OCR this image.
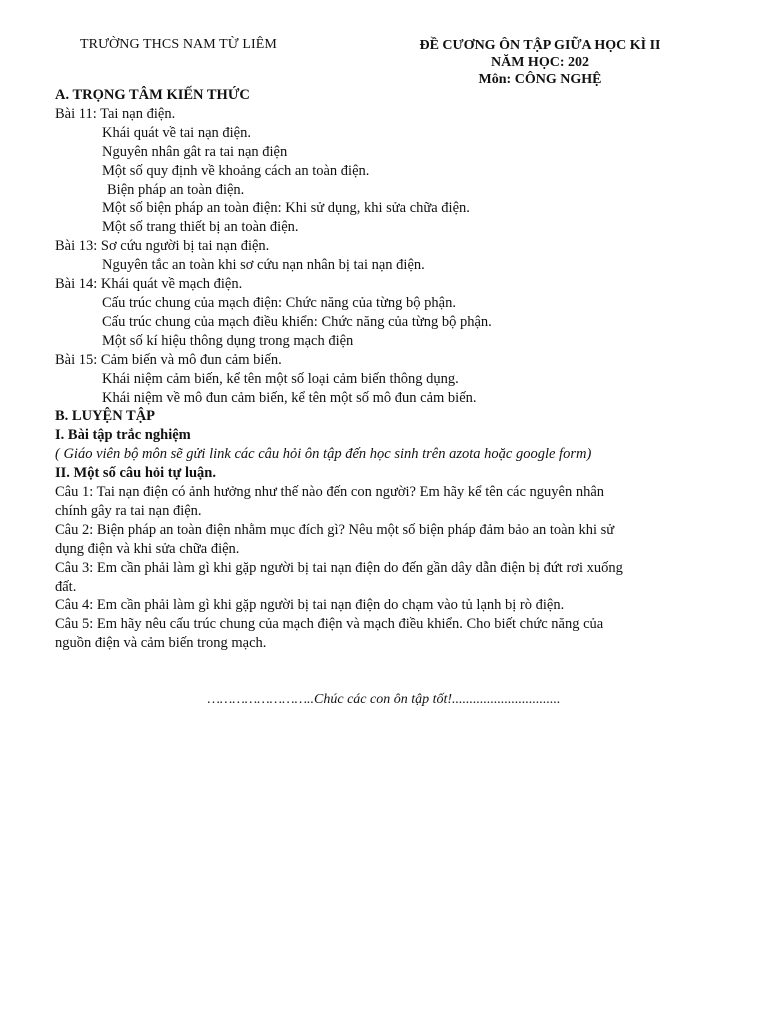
TRƯỜNG THCS NAM TỪ LIÊM	ĐỀ CƯƠNG ÔN TẬP GIỮA HỌC KÌ II
NĂM HỌC: 202
Môn: CÔNG NGHỆ
A. TRỌNG TÂM KIẾN THỨC
Bài 11: Tai nạn điện.
Khái quát về tai nạn điện.
Nguyên nhân gât ra tai nạn điện
Một số quy định về khoảng cách an toàn điện.
Biện pháp an toàn điện.
Một số biện pháp an toàn điện: Khi sử dụng, khi sửa chữa điện.
Một số trang thiết bị an toàn điện.
Bài 13: Sơ cứu người bị tai nạn điện.
Nguyên tắc an toàn khi sơ cứu nạn nhân bị tai nạn điện.
Bài 14: Khái quát về mạch điện.
Cấu trúc chung của mạch điện: Chức năng của từng bộ phận.
Cấu trúc chung của mạch điều khiển: Chức năng của từng bộ phận.
Một số kí hiệu thông dụng trong mạch điện
Bài 15: Cảm biến và mô đun cảm biến.
Khái niệm cảm biến, kể tên một số loại cảm biến thông dụng.
Khái niệm về mô đun cảm biến, kể tên một số mô đun cảm biến.
B. LUYỆN TẬP
I. Bài tập trắc nghiệm
( Giáo viên bộ môn sẽ gửi link các câu hỏi ôn tập đến học sinh trên azota hoặc google form)
II. Một số câu hỏi tự luận.
Câu 1: Tai nạn điện có ảnh hưởng như thế nào đến con người? Em hãy kể tên các nguyên nhân
chính gây ra tai nạn điện.
Câu 2: Biện pháp an toàn điện nhằm mục đích gì? Nêu một số biện pháp đảm bảo an toàn khi sử
dụng điện và khi sửa chữa điện.
Câu 3: Em cần phải làm gì khi gặp người bị tai nạn điện do đến gần dây dẫn điện bị đứt rơi xuống
đất.
Câu 4: Em cần phải làm gì khi gặp người bị tai nạn điện do chạm vào tủ lạnh bị rò điện.
Câu 5: Em hãy nêu cấu trúc chung của mạch điện và mạch điều khiển. Cho biết chức năng của
nguồn điện và cảm biến trong mạch.
……………………..Chúc các con ôn tập tốt!...............................
